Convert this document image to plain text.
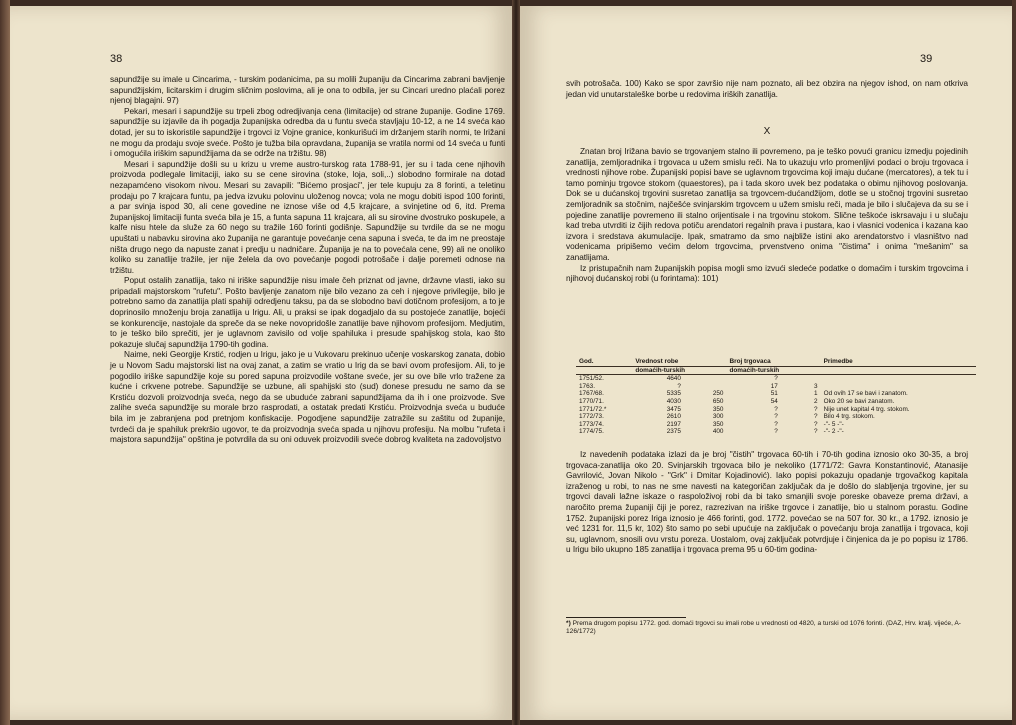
38

sapundžije su imale u Cincarima, - turskim podanicima, pa su molili županiju da Cincarima zabrani bavljenje sapundžijskim, licitarskim i drugim sličnim poslovima, ali je ona to odbila, jer su Cincari uredno plaćali porez njenoj blagajni. 97)

Pekari, mesari i sapundžije su trpeli zbog odredjivanja cena (limitacije) od strane županije. Godine 1769. sapundžije su izjavile da ih pogadja županijska odredba da u funtu sveća stavljaju 10-12, a ne 14 sveća kao dotad, jer su to iskoristile sapundžije i trgovci iz Vojne granice, konkurišući im držanjem starih normi, te Irižani ne mogu da prodaju svoje sveće. Pošto je tužba bila opravdana, županija se vratila normi od 14 sveća u funti i omogućila iriškim sapundžijama da se održe na tržištu. 98)

Mesari i sapundžije došli su u krizu u vreme austro-turskog rata 1788-91, jer su i tada cene njihovih proizvoda podlegale limitaciji, iako su se cene sirovina (stoke, loja, soli,..) slobodno formirale na dotad nezapamćeno visokom nivou. Mesari su zavapili: "Bićemo prosjaci", jer tele kupuju za 8 forinti, a teletinu prodaju po 7 krajcara funtu, pa jedva izvuku polovinu uloženog novca; vola ne mogu dobiti ispod 100 forinti, a par svinja ispod 30, ali cene govedine ne iznose više od 4,5 krajcare, a svinjetine od 6, itd. Prema županijskoj limitaciji funta sveća bila je 15, a funta sapuna 11 krajcara, ali su sirovine dvostruko poskupele, a kalfe nisu htele da služe za 60 nego su tražile 160 forinti godišnje. Sapundžije su tvrdile da se ne mogu upuštati u nabavku sirovina ako županija ne garantuje povećanje cena sapuna i sveća, te da im ne preostaje ništa drugo nego da napuste zanat i predju u nadničare. Županija je na to povećala cene, 99) ali ne onoliko koliko su zanatlije tražile, jer nije želela da ovo povećanje pogodi potrošače i dalje porеmeti odnose na tržištu.

Poput ostalih zanatlija, takо ni iriške sapundžije nisu imale čeh priznat od javne, državne vlasti, iako su pripadali majstorskom "rufetu". Pošto bavljenje zanatom nije bilo vezano za ceh i njegove privilegije, bilo je potrebno samo da zanatlija plati spahiji odredjenu taksu, pa da se slobodno bavi dotičnom profesijom, a to je doprinosilo množenju broja zanatlija u Irigu. Ali, u praksi se ipak dogadjalo da su postojeće zanatlije, bojeći se konkurencije, nastojale da spreče da se neke novoprіdošle zanatlije bave njihovom profesijom. Medjutim, to je teško bilo sprečiti, jer je uglavnom zavisilo od volje spahiluka i presude spahijskog stola, kao što pokazuje slučaj sapundžija 1790-tih godina.

Naime, neki Georgije Krstić, rodjen u Irigu, jako je u Vukovaru prekinuo učenje voskarskog zanata, dobio je u Novom Sadu majstorski list na ovaj zanat, a zatim se vratio u Irig da se bavi ovom profesijom. Ali, to je pogodilo iriške sapundžije koje su pored sapuna proizvodile voštane sveće, jer su ove bile vrlo tražene za kućne i crkvene potrebe. Sapundžije se uzbune, ali spahijski sto (sud) donese presudu ne samo da se Krstiću dozvoli proizvodnja sveća, nego da se ubuduće zabrani sapundžijama da ih i one proizvode. Sve zalihe sveća sapundžije su morale brzo rasprodati, a ostatak predati Krstiću. Proizvodnja sveća u buduće bila im je zabranjena pod pretnjom konfiskacije. Pogodjene sapundžije zatražile su zaštitu od županije, tvrdeći da je spahiluk prekršio ugovor, te da proizvodnja sveća spada u njihovu profesiju. Na molbu "rufeta i majstora sapundžija" opština je potvrdila da su oni oduvek proizvodili sveće dobrog kvaliteta na zadovoljstvo

39

svih potrošača. 100) Kako se spor završio nije nam poznato, ali bez obzira na njegov ishod, on nam otkriva jedan vid unutarstaleške borbe u redovima iriških zanatlija.

X

Znatan broj Irižana bavio se trgovanjem stalno ili povremeno, pa je teško povući granicu izmedju pojedinih zanatlija, zemljoradnika i trgovaca u užem smislu reči. Na to ukazuju vrlo promenljivi podaci o broju trgovaca i vrednosti njihove robe. Županijski popisi bave se uglavnom trgovcima koji imaju dućane (mercatores), a tek tu i tamo pominju trgovce stokom (quaestores), pa i tada skoro uvek bez podataka o obimu njihovog poslovanja. Dok se u dućanskoj trgovini susretao zanatlija sa trgovcem-dućandžijom, dotle se u stočnoj trgovini susretao zemljoradnik sa stočnim, najčešće svinjarskim trgovcem u užem smislu reči, mada je bilo i slučajeva da su se i pojedine zanatlije povremeno ili stalno orijentisale i na trgovinu stokom. Slične teškoće iskrsavaju i u slučaju kad treba utvrditi iz čijih redova potiču arendatori regalnih prava i pustara, kao i vlasnici vodenica i kazana kao izvora i sredstava akumulacije. Ipak, smatramo da smo najbliže istini ako arendatorstvo i vlasništvo nad vodenicama pripišemo većim delom trgovcima, prvenstveno onima "čistima" i onima "mešanim" sa zanatlijama.

Iz pristupačnih nam županijskih popisa mogli smo izvući sledeće podatke o domaćim i turskim trgovcima i njihovoj dućanskoj robi (u forintama): 101)

God.	Vrednost robe		Broj trgovaca		Primedbe
	domaćih-turskih		domaćih-turskih		
1751/52.	4640		?		
1763.	?		17	3	
1767/68.	5335	250	51	1	Od ovih 17 se bavi i zanatom.
1770/71.	4030	650	54	2	Oko 20 se bavi zanatom.
1771/72.*	3475	350	?	?	Nije unet kapital 4 trg. stokom.
1772/73.	2610	300	?	?	Bilo 4 trg. stokom.
1773/74.	2197	350	?	?	-"- 5 -"-
1774/75.	2375	400	?	?	-"- 2 -"-

Iz navedenih podataka izlazi da je broj "čistih" trgovaca 60-tih i 70-tih godina iznosio oko 30-35, a broj trgovaca-zanatlija oko 20. Svinjarskih trgovaca bilo je nekoliko (1771/72: Gavra Konstantinović, Atanasije Gavrilović, Jovan Nikolo - "Grk" i Dmitar Kojadinović). Iako popisi pokazuju opadanje trgovačkog kapitala izraženog u robi, to nas ne sme navesti na kategoričan zaključak da je došlo do slabljenja trgovine, jer su trgovci davali lažne iskaze o raspoloživoj robi da bi tako smanjili svoje poreske obaveze prema državi, a naročito prema županiji čiji je porez, razrezivan na iriške trgovce i zanatlije, bio u stalnom porastu. Godine 1752. županijski porez Iriga iznosio je 466 forinti, god. 1772. povećao se na 507 for. 30 kr., a 1792. iznosio je već 1231 for. 11,5 kr, 102) što samo po sebi upućuje na zaključak o povećanju broja zanatlija i trgovaca, koji su, uglavnom, snosili ovu vrstu poreza. Uostalom, ovaj zaključak potvrdjuje i činjenica da je po popisu iz 1786. u Irigu bilo ukupno 185 zanatlija i trgovaca prema 95 u 60-tim godina-

*) Prema drugom popisu 1772. god. domaći trgovci su imali robe u vrednosti od 4820, a turski od 1076 forinti. (DAZ, Hrv. kralj. vijeće, A-126/1772)
